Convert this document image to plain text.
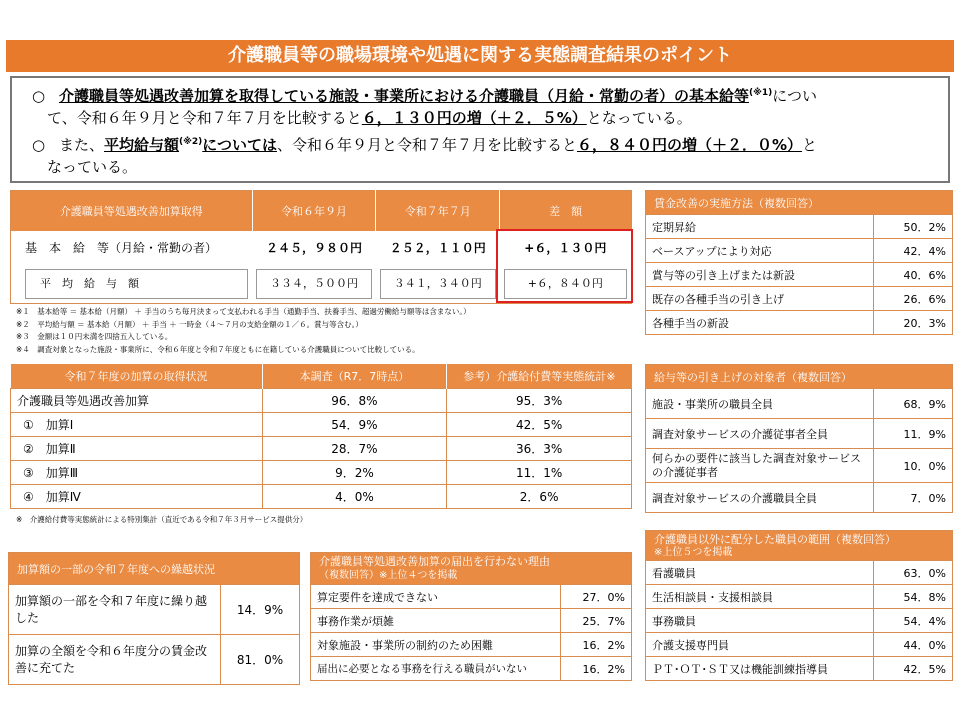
介護職員等の職場環境や処遇に関する実態調査結果のポイント

○ 介護職員等処遇改善加算を取得している施設・事業所における介護職員（月給・常勤の者）の基本給等$^{(※1)}$につい
て、令和６年９月と令和７年７月を比較すると６，１３０円の増（＋２．５%）となっている。

○ また、平均給与額$^{(※2)}$については、令和６年９月と令和７年７月を比較すると６，８４０円の増（＋２．０%）と
なっている。

介護職員等処遇改善加算取得	令和６年９月	令和７年７月	差　額
基　本　給　等（月給・常勤の者）	２４５，９８０円	２５２，１１０円	+６，１３０円

平　均　給　与　額	３３４，５００円	３４１，３４０円	+６，８４０円
※１　基本給等 ＝ 基本給（月額） ＋ 手当のうち毎月決まって支払われる手当（通勤手当、扶養手当、超過労働給与額等は含まない。）
※２　平均給与額 ＝ 基本給（月額） ＋ 手当 ＋ 一時金（４～７月の支給金額の１／６。賞与等含む。）
※３　金額は１０円未満を四捨五入している。
※４　調査対象となった施設・事業所に、令和６年度と令和７年度ともに在籍している介護職員について比較している。
令和７年度の加算の取得状況	本調査（R7．7時点）	参考）介護給付費等実態統計※
介護職員等処遇改善加算	96．8%	95．3%
①　加算Ⅰ	54．9%	42．5%
②　加算Ⅱ	28．7%	36．3%
③　加算Ⅲ	9．2%	11．1%
④　加算Ⅳ	4．0%	2．6%
※　介護給付費等実態統計による特別集計（直近である令和７年３月サービス提供分）
賃金改善の実施方法（複数回答）	
定期昇給	50．2%
ベースアップにより対応	42．4%
賞与等の引き上げまたは新設	40．6%
既存の各種手当の引き上げ	26．6%
各種手当の新設	20．3%
給与等の引き上げの対象者（複数回答）	
施設・事業所の職員全員	68．9%
調査対象サービスの介護従事者全員	11．9%
何らかの要件に該当した調査対象サービスの介護従事者	10．0%
調査対象サービスの介護職員全員	7．0%
加算額の一部の令和７年度への繰越状況	
加算額の一部を令和７年度に繰り越した	14．9%
加算の全額を令和６年度分の賃金改善に充てた	81．0%
介護職員等処遇改善加算の届出を行わない理由
（複数回答）※上位４つを掲載	

算定要件を達成できない	27．0%
事務作業が煩雑	25．7%
対象施設・事業所の制約のため困難	16．2%
届出に必要となる事務を行える職員がいない	16．2%
介護職員以外に配分した職員の範囲（複数回答）
※上位５つを掲載	

看護職員	63．0%
生活相談員・支援相談員	54．8%
事務職員	54．4%
介護支援専門員	44．0%
ＰＴ･ＯＴ･ＳＴ又は機能訓練指導員	42．5%
